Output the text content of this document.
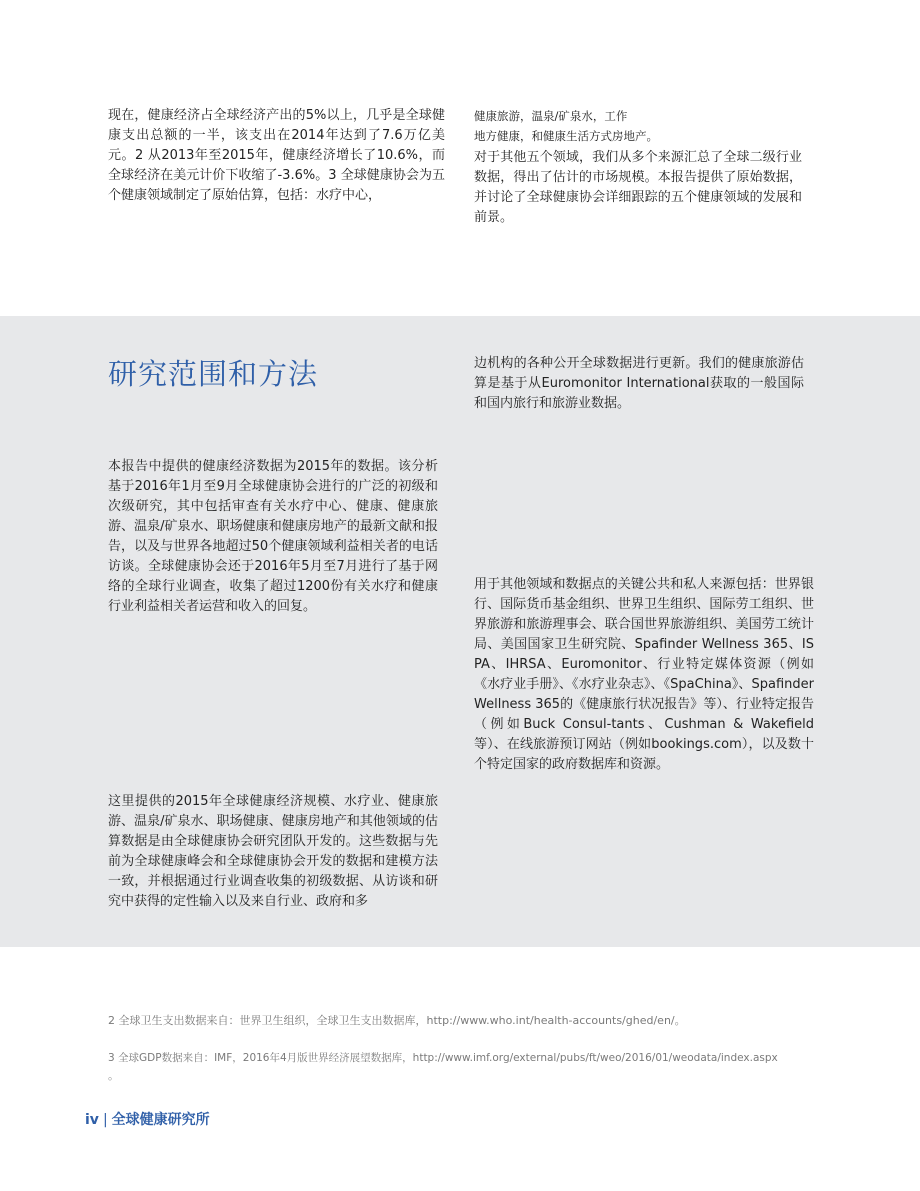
现在，健康经济占全球经济产出的5%以上，几乎是全球健康支出总额的一半，该支出在2014年达到了7.6万亿美元。2 从2013年至2015年，健康经济增长了10.6%，而全球经济在美元计价下收缩了-3.6%。3 全球健康协会为五个健康领域制定了原始估算，包括：水疗中心，

健康旅游，温泉/矿泉水，工作

地方健康，和健康生活方式房地产。

对于其他五个领域，我们从多个来源汇总了全球二级行业数据，得出了估计的市场规模。本报告提供了原始数据，并讨论了全球健康协会详细跟踪的五个健康领域的发展和前景。

研究范围和方法	边机构的各种公开全球数据进行更新。我们的健康旅游估算是基于从Euromonitor International获取的一般国际和国内旅行和旅游业数据。

本报告中提供的健康经济数据为2015年的数据。该分析基于2016年1月至9月全球健康协会进行的广泛的初级和次级研究，其中包括审查有关水疗中心、健康、健康旅游、温泉/矿泉水、职场健康和健康房地产的最新文献和报告，以及与世界各地超过50个健康领域利益相关者的电话访谈。全球健康协会还于2016年5月至7月进行了基于网络的全球行业调查，收集了超过1200份有关水疗和健康行业利益相关者运营和收入的回复。

用于其他领域和数据点的关键公共和私人来源包括：世界银行、国际货币基金组织、世界卫生组织、国际劳工组织、世界旅游和旅游理事会、联合国世界旅游组织、美国劳工统计局、美国国家卫生研究院、Spafinder Wellness 365、ISPA、IHRSA、Euromonitor、行业特定媒体资源（例如《水疗业手册》、《水疗业杂志》、《SpaChina》、Spafinder Wellness 365的《健康旅行状况报告》等）、行业特定报告（例如Buck Consul-tants、Cushman & Wakefield等）、在线旅游预订网站（例如bookings.com），以及数十个特定国家的政府数据库和资源。

这里提供的2015年全球健康经济规模、水疗业、健康旅游、温泉/矿泉水、职场健康、健康房地产和其他领域的估算数据是由全球健康协会研究团队开发的。这些数据与先前为全球健康峰会和全球健康协会开发的数据和建模方法一致，并根据通过行业调查收集的初级数据、从访谈和研究中获得的定性输入以及来自行业、政府和多

2 全球卫生支出数据来自：世界卫生组织，全球卫生支出数据库，http://www.who.int/health-accounts/ghed/en/。

3 全球GDP数据来自：IMF，2016年4月版世界经济展望数据库，http://www.imf.org/external/pubs/ft/weo/2016/01/weodata/index.aspx

。

iv | 全球健康研究所
